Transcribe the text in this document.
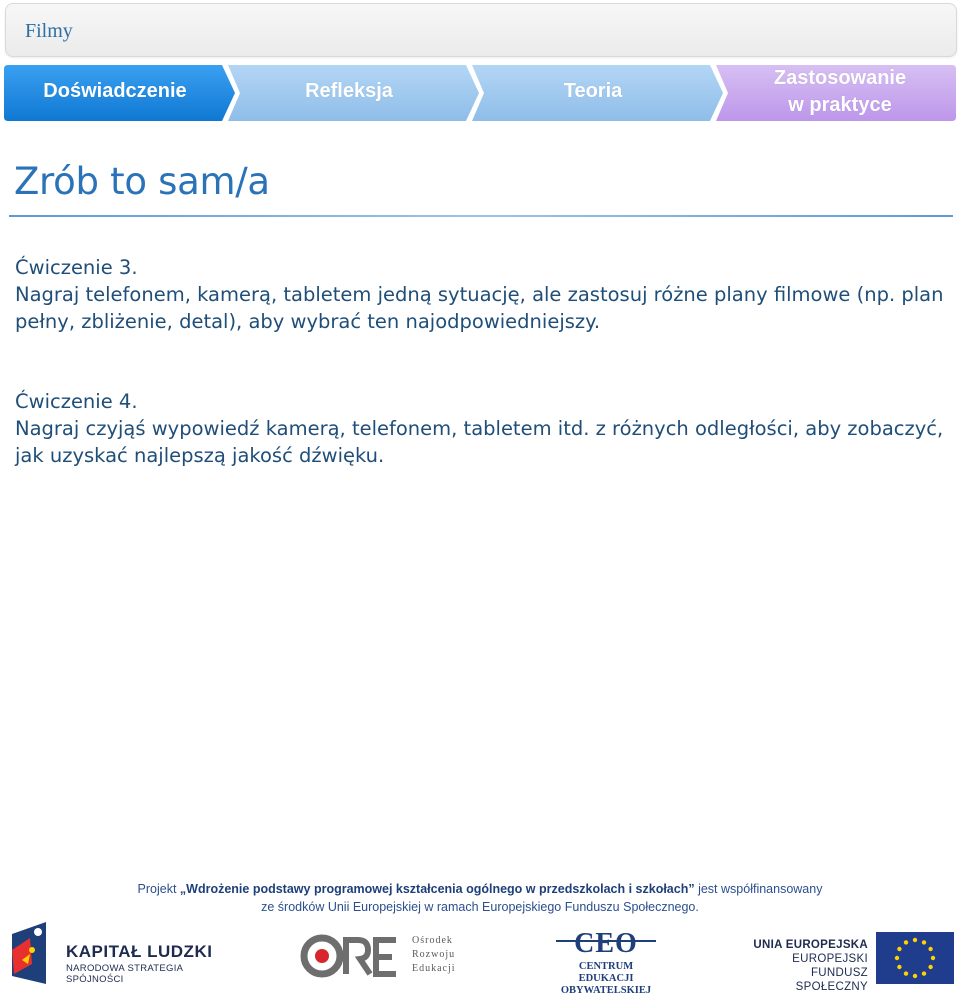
Filmy
Doświadczenie	Refleksja	Teoria
Zastosowanie
w praktyce
Zrób to sam/a

Ćwiczenie 3.

Nagraj telefonem, kamerą, tabletem jedną sytuację, ale zastosuj różne plany filmowe (np. plan pełny, zbliżenie, detal), aby wybrać ten najodpowiedniejszy.

Ćwiczenie 4.

Nagraj czyjąś wypowiedź kamerą, telefonem, tabletem itd. z różnych odległości, aby zobaczyć, jak uzyskać najlepszą jakość dźwięku.

Projekt „Wdrożenie podstawy programowej kształcenia ogólnego w przedszkolach i szkołach” jest współfinansowany
ze środków Unii Europejskiej w ramach Europejskiego Funduszu Społecznego.
KAPITAŁ LUDZKI
NARODOWA STRATEGIA SPÓJNOŚCI
Ośrodek
Rozwoju
Edukacji
CEO
CENTRUM EDUKACJI
OBYWATELSKIEJ
UNIA EUROPEJSKA
EUROPEJSKI
FUNDUSZ SPOŁECZNY
